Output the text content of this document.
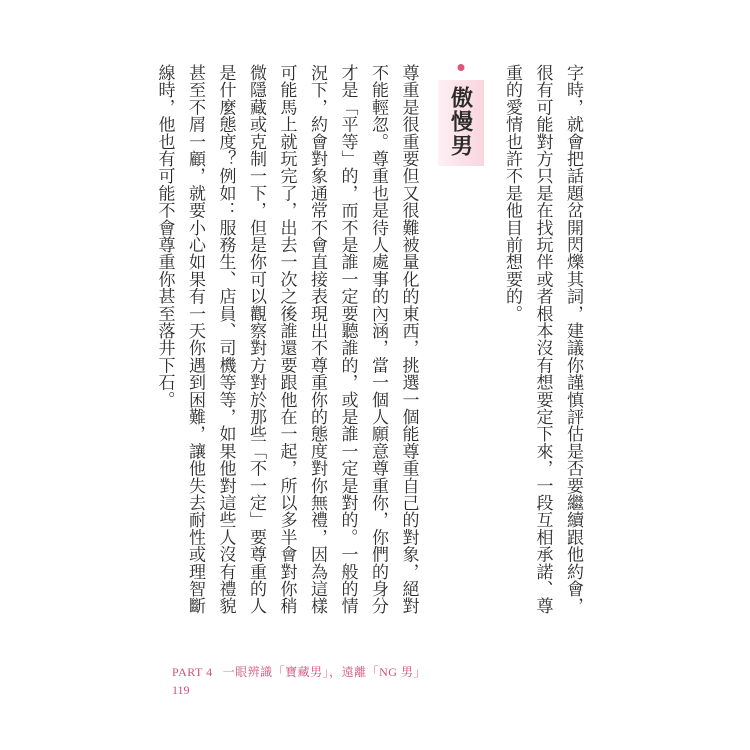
字時，就會把話題岔開閃爍其詞，建議你謹慎評估是否要繼續跟他約會，很有可能對方只是在找玩伴或者根本沒有想要定下來，一段互相承諾、尊重的愛情也許不是他目前想要的。

傲慢男

尊重是很重要但又很難被量化的東西，挑選一個能尊重自己的對象，絕對不能輕忽。尊重也是待人處事的內涵，當一個人願意尊重你，你們的身分才是「平等」的，而不是誰一定要聽誰的，或是誰一定是對的。一般的情況下，約會對象通常不會直接表現出不尊重你的態度對你無禮，因為這樣可能馬上就玩完了，出去一次之後誰還要跟他在一起，所以多半會對你稍微隱藏或克制一下，但是你可以觀察對方對於那些「不一定」要尊重的人是什麼態度？例如：服務生、店員、司機等等，如果他對這些人沒有禮貌甚至不屑一顧，就要小心如果有一天你遇到困難，讓他失去耐性或理智斷線時，他也有可能不會尊重你甚至落井下石。

PART 4 一眼辨識「寶藏男」，遠離「NG 男」
119
